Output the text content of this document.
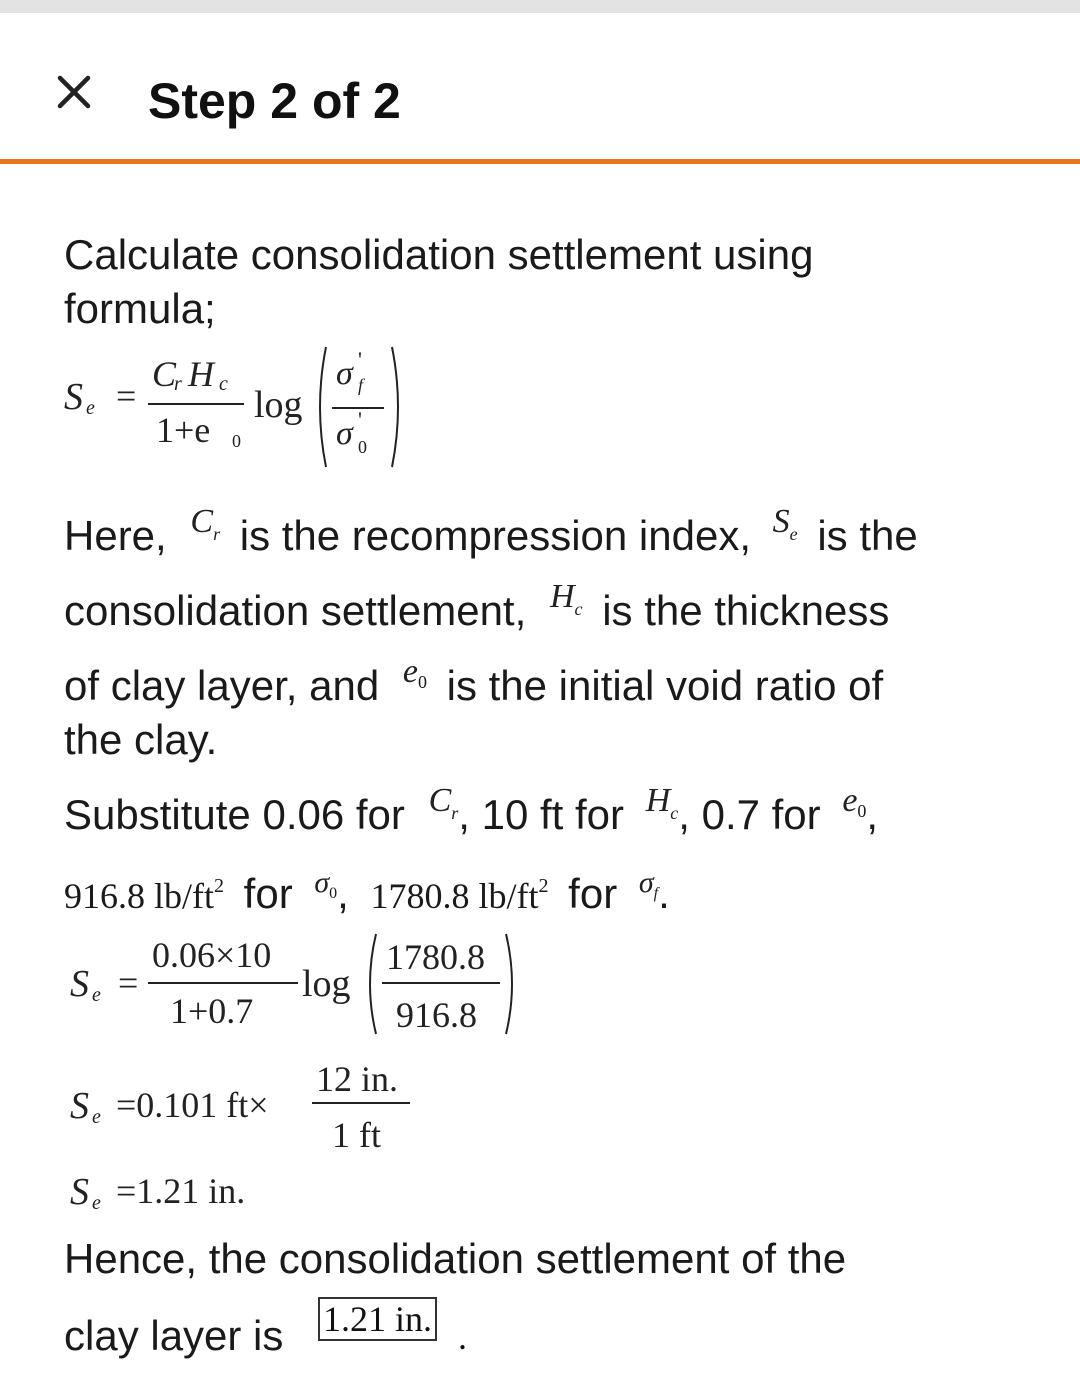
Step 2 of 2
Calculate consolidation settlement using
formula;
S e =
C
r H c
1+e 0
log
σ '
f
σ '
0
Here, $^{Cr}$ is the recompression index, $^{Se}$ is the
consolidation settlement, $^{Hc}$ is the thickness
of clay layer, and $^{e0}$ is the initial void ratio of
the clay.
Substitute 0.06 for $^{Cr}$, 10 ft for $^{Hc}$, 0.7 for $^{e0}$,
916.8 $lb/ft^2$ for $^{\sigma 0}$, 1780.8 $lb/ft^2$ for $^{\sigma f}$.
S e =
0.06×10
1+0.7
log
1780.8
916.8
S e =0.101 ft×
12 in.
1 ft
S e =1.21 in.
Hence, the consolidation settlement of the
clay layer is 1.21 in. .
